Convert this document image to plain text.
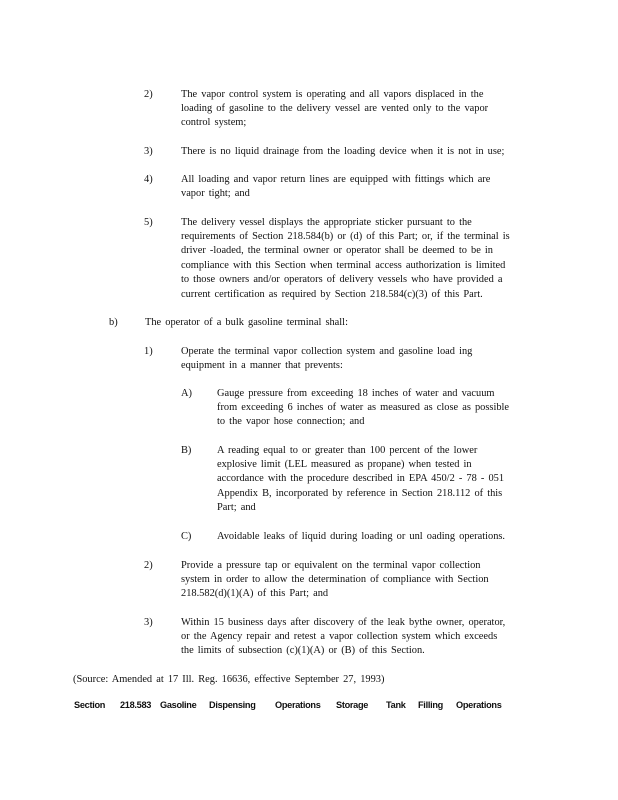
2)	The vapor control system is operating and all vapors displaced in the
loading of gasoline to the delivery vessel are vented only to the vapor
control system;
3)	There is no liquid drainage from the loading device when it is not in use;
4)	All loading and vapor return lines are equipped with fittings which are
vapor tight; and
5)	The delivery vessel displays the appropriate sticker pursuant to the
requirements of Section 218.584(b) or (d) of this Part; or, if the terminal is
driver -loaded, the terminal owner or operator shall be deemed to be in
compliance with this Section when terminal access authorization is limited
to those owners and/or operators of delivery vessels who have provided a
current certification as required by Section 218.584(c)(3) of this Part.
b)	The operator of a bulk gasoline terminal shall:
1)	Operate the terminal vapor collection system and gasoline load ing
equipment in a manner that prevents:
A) Gauge pressure from exceeding 18 inches of water and vacuum
from exceeding 6 inches of water as measured as close as possible
to the vapor hose connection; and
B) A reading equal to or greater than 100 percent of the lower
explosive limit (LEL measured as propane) when tested in
accordance with the procedure described in EPA 450/2 - 78 - 051
Appendix B, incorporated by reference in Section 218.112 of this
Part; and
C) Avoidable leaks of liquid during loading or unl oading operations.
2)	Provide a pressure tap or equivalent on the terminal vapor collection
system in order to allow the determination of compliance with Section
218.582(d)(1)(A) of this Part; and
3)	Within 15 business days after discovery of the leak bythe owner, operator,
or the Agency repair and retest a vapor collection system which exceeds
the limits of subsection (c)(1)(A) or (B) of this Section.
(Source: Amended at 17 Ill. Reg. 16636, effective September 27, 1993)
Section 218.583 Gasoline Dispensing Operations Storage Tank Filling Operations
